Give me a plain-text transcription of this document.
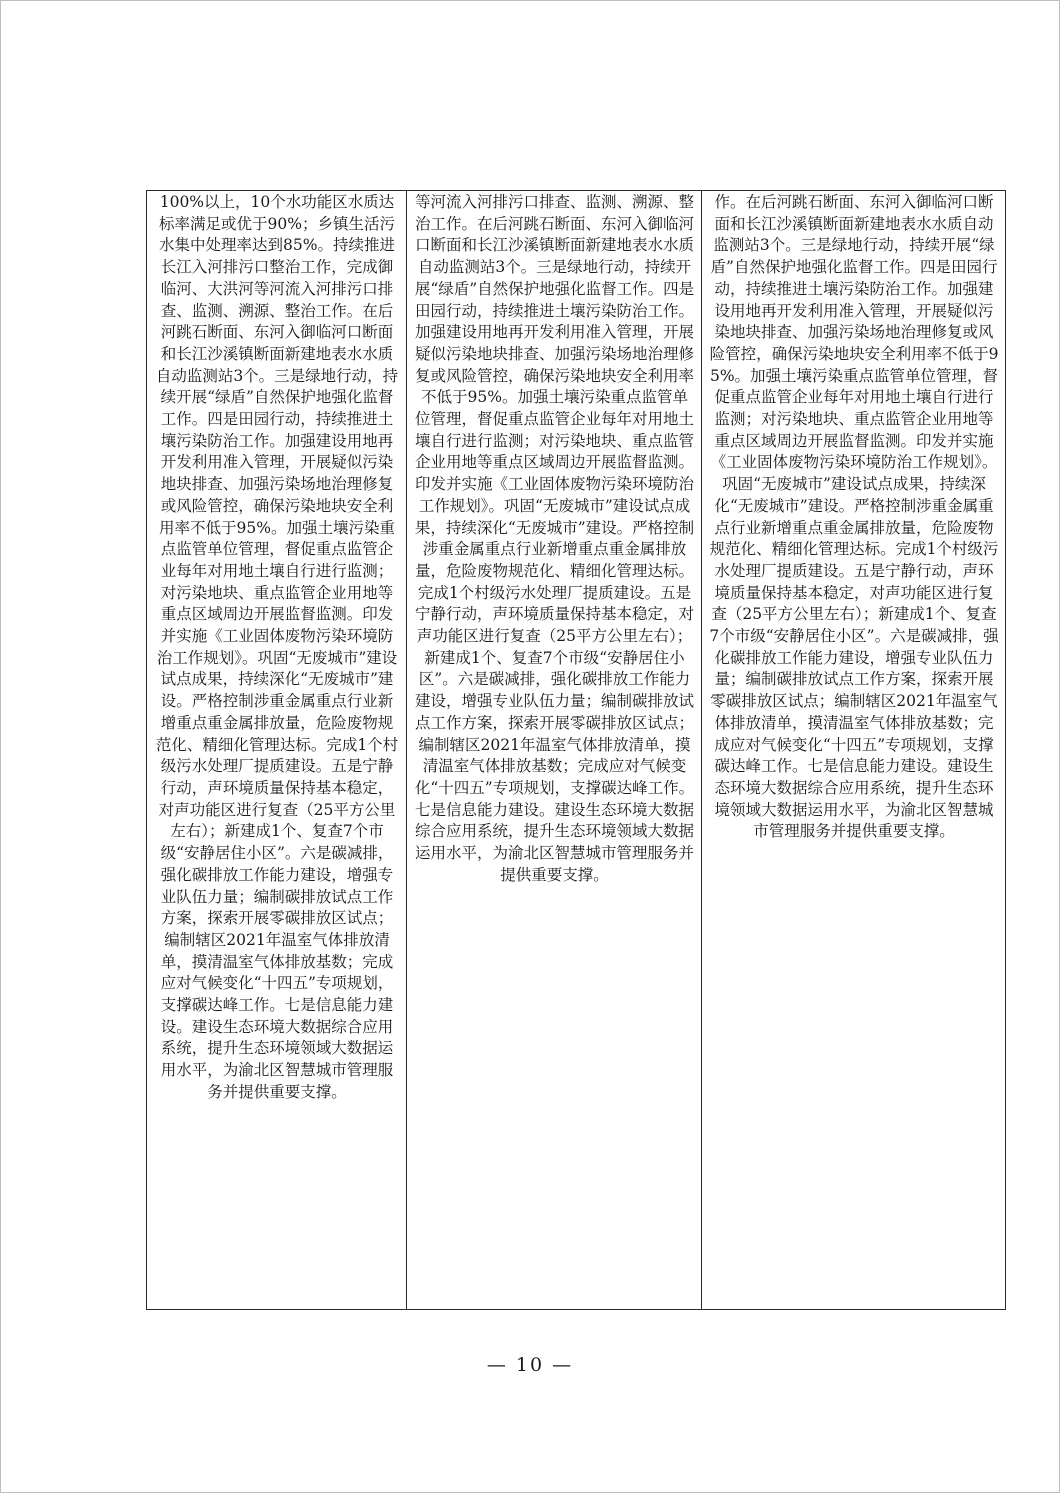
100%以上，10个水功能区水质达标率满足或优于90%；乡镇生活污水集中处理率达到85%。持续推进长江入河排污口整治工作，完成御临河、大洪河等河流入河排污口排查、监测、溯源、整治工作。在后河跳石断面、东河入御临河口断面和长江沙溪镇断面新建地表水水质自动监测站3个。三是绿地行动，持续开展“绿盾”自然保护地强化监督工作。四是田园行动，持续推进土壤污染防治工作。加强建设用地再开发利用准入管理，开展疑似污染地块排查、加强污染场地治理修复或风险管控，确保污染地块安全利用率不低于95%。加强土壤污染重点监管单位管理，督促重点监管企业每年对用地土壤自行进行监测；对污染地块、重点监管企业用地等重点区域周边开展监督监测。印发并实施《工业固体废物污染环境防治工作规划》。巩固“无废城市”建设试点成果，持续深化“无废城市”建设。严格控制涉重金属重点行业新增重点重金属排放量，危险废物规范化、精细化管理达标。完成1个村级污水处理厂提质建设。五是宁静行动，声环境质量保持基本稳定，对声功能区进行复查（25平方公里左右）；新建成1个、复查7个市级“安静居住小区”。六是碳减排，强化碳排放工作能力建设，增强专业队伍力量；编制碳排放试点工作方案，探索开展零碳排放区试点；编制辖区2021年温室气体排放清单，摸清温室气体排放基数；完成应对气候变化“十四五”专项规划，支撑碳达峰工作。七是信息能力建设。建设生态环境大数据综合应用系统，提升生态环境领域大数据运用水平，为渝北区智慧城市管理服务并提供重要支撑。

等河流入河排污口排查、监测、溯源、整治工作。在后河跳石断面、东河入御临河口断面和长江沙溪镇断面新建地表水水质自动监测站3个。三是绿地行动，持续开展“绿盾”自然保护地强化监督工作。四是田园行动，持续推进土壤污染防治工作。加强建设用地再开发利用准入管理，开展疑似污染地块排查、加强污染场地治理修复或风险管控，确保污染地块安全利用率不低于95%。加强土壤污染重点监管单位管理，督促重点监管企业每年对用地土壤自行进行监测；对污染地块、重点监管企业用地等重点区域周边开展监督监测。印发并实施《工业固体废物污染环境防治工作规划》。巩固“无废城市”建设试点成果，持续深化“无废城市”建设。严格控制涉重金属重点行业新增重点重金属排放量，危险废物规范化、精细化管理达标。完成1个村级污水处理厂提质建设。五是宁静行动，声环境质量保持基本稳定，对声功能区进行复查（25平方公里左右）；新建成1个、复查7个市级“安静居住小区”。六是碳减排，强化碳排放工作能力建设，增强专业队伍力量；编制碳排放试点工作方案，探索开展零碳排放区试点；编制辖区2021年温室气体排放清单，摸清温室气体排放基数；完成应对气候变化“十四五”专项规划，支撑碳达峰工作。七是信息能力建设。建设生态环境大数据综合应用系统，提升生态环境领域大数据运用水平，为渝北区智慧城市管理服务并提供重要支撑。

作。在后河跳石断面、东河入御临河口断面和长江沙溪镇断面新建地表水水质自动监测站3个。三是绿地行动，持续开展“绿盾”自然保护地强化监督工作。四是田园行动，持续推进土壤污染防治工作。加强建设用地再开发利用准入管理，开展疑似污染地块排查、加强污染场地治理修复或风险管控，确保污染地块安全利用率不低于95%。加强土壤污染重点监管单位管理，督促重点监管企业每年对用地土壤自行进行监测；对污染地块、重点监管企业用地等重点区域周边开展监督监测。印发并实施《工业固体废物污染环境防治工作规划》。巩固“无废城市”建设试点成果，持续深化“无废城市”建设。严格控制涉重金属重点行业新增重点重金属排放量，危险废物规范化、精细化管理达标。完成1个村级污水处理厂提质建设。五是宁静行动，声环境质量保持基本稳定，对声功能区进行复查（25平方公里左右）；新建成1个、复查7个市级“安静居住小区”。六是碳减排，强化碳排放工作能力建设，增强专业队伍力量；编制碳排放试点工作方案，探索开展零碳排放区试点；编制辖区2021年温室气体排放清单，摸清温室气体排放基数；完成应对气候变化“十四五”专项规划，支撑碳达峰工作。七是信息能力建设。建设生态环境大数据综合应用系统，提升生态环境领域大数据运用水平，为渝北区智慧城市管理服务并提供重要支撑。
— 10 —
